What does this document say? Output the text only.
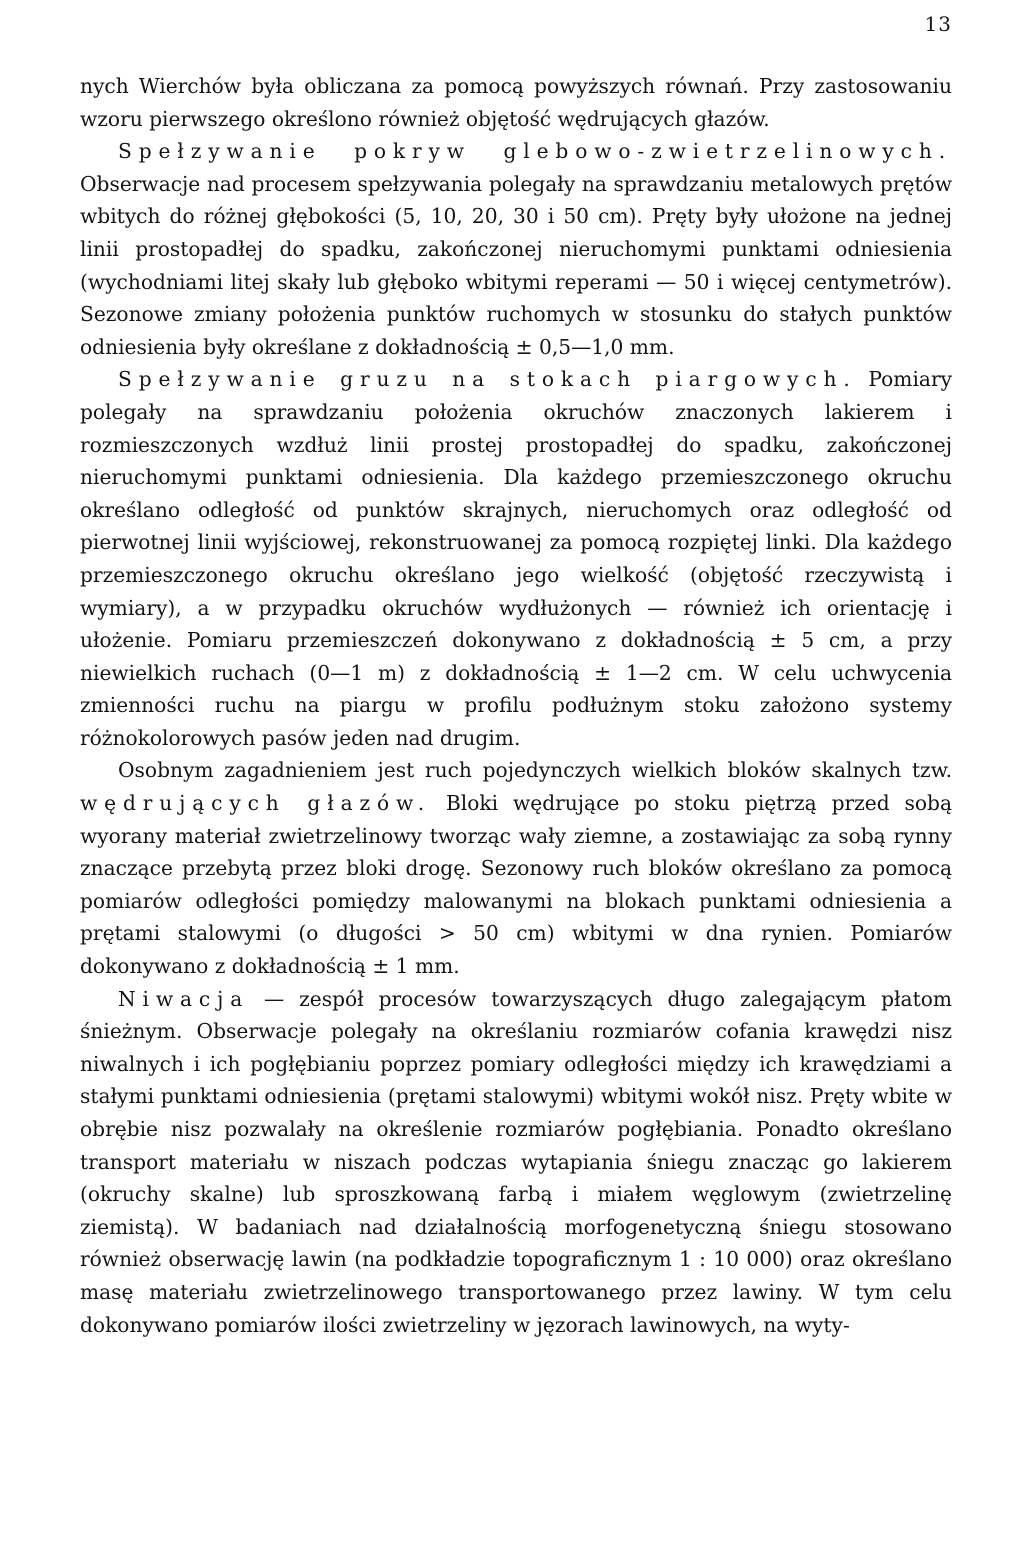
13

nych Wierchów była obliczana za pomocą powyższych równań. Przy zastosowaniu wzoru pierwszego określono również objętość wędrujących głazów.

Spełzywanie pokryw glebowo-zwietrzelinowych. Obserwacje nad procesem spełzywania polegały na sprawdzaniu metalowych prętów wbitych do różnej głębokości (5, 10, 20, 30 i 50 cm). Pręty były ułożone na jednej linii prostopadłej do spadku, zakończonej nieruchomymi punktami odniesienia (wychodniami litej skały lub głęboko wbitymi reperami — 50 i więcej centymetrów). Sezonowe zmiany położenia punktów ruchomych w stosunku do stałych punktów odniesienia były określane z dokładnością ± 0,5—1,0 mm.

Spełzywanie gruzu na stokach piargowych. Pomiary polegały na sprawdzaniu położenia okruchów znaczonych lakierem i rozmieszczonych wzdłuż linii prostej prostopadłej do spadku, zakończonej nieruchomymi punktami odniesienia. Dla każdego przemieszczonego okruchu określano odległość od punktów skrajnych, nieruchomych oraz odległość od pierwotnej linii wyjściowej, rekonstruowanej za pomocą rozpiętej linki. Dla każdego przemieszczonego okruchu określano jego wielkość (objętość rzeczywistą i wymiary), a w przypadku okruchów wydłużonych — również ich orientację i ułożenie. Pomiaru przemieszczeń dokonywano z dokładnością ± 5 cm, a przy niewielkich ruchach (0—1 m) z dokładnością ± 1—2 cm. W celu uchwycenia zmienności ruchu na piargu w profilu podłużnym stoku założono systemy różnokolorowych pasów jeden nad drugim.

Osobnym zagadnieniem jest ruch pojedynczych wielkich bloków skalnych tzw. wędrujących głazów. Bloki wędrujące po stoku piętrzą przed sobą wyorany materiał zwietrzelinowy tworząc wały ziemne, a zostawiając za sobą rynny znaczące przebytą przez bloki drogę. Sezonowy ruch bloków określano za pomocą pomiarów odległości pomiędzy malowanymi na blokach punktami odniesienia a prętami stalowymi (o długości > 50 cm) wbitymi w dna rynien. Pomiarów dokonywano z dokładnością ± 1 mm.

Niwacja — zespół procesów towarzyszących długo zalegającym płatom śnieżnym. Obserwacje polegały na określaniu rozmiarów cofania krawędzi nisz niwalnych i ich pogłębianiu poprzez pomiary odległości między ich krawędziami a stałymi punktami odniesienia (prętami stalowymi) wbitymi wokół nisz. Pręty wbite w obrębie nisz pozwalały na określenie rozmiarów pogłębiania. Ponadto określano transport materiału w niszach podczas wytapiania śniegu znacząc go lakierem (okruchy skalne) lub sproszkowaną farbą i miałem węglowym (zwietrzelinę ziemistą). W badaniach nad działalnością morfogenetyczną śniegu stosowano również obserwację lawin (na podkładzie topograficznym 1 : 10 000) oraz określano masę materiału zwietrzelinowego transportowanego przez lawiny. W tym celu dokonywano pomiarów ilości zwietrzeliny w jęzorach lawinowych, na wyty-
